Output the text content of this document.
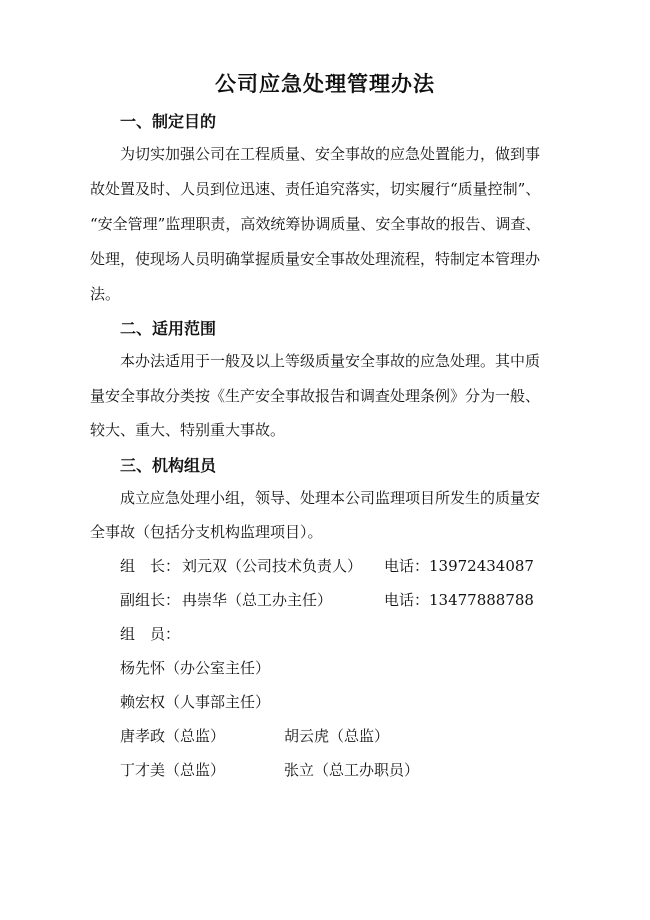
公司应急处理管理办法
一、制定目的
为切实加强公司在工程质量、安全事故的应急处置能力，做到事
故处置及时、人员到位迅速、责任追究落实，切实履行“质量控制”、
“安全管理”监理职责，高效统筹协调质量、安全事故的报告、调查、
处理，使现场人员明确掌握质量安全事故处理流程，特制定本管理办
法。
二、适用范围
本办法适用于一般及以上等级质量安全事故的应急处理。其中质
量安全事故分类按《生产安全事故报告和调查处理条例》分为一般、
较大、重大、特别重大事故。
三、机构组员
成立应急处理小组，领导、处理本公司监理项目所发生的质量安
全事故（包括分支机构监理项目）。
组　长： 刘元双（公司技术负责人） 电话：13972434087
副组长： 冉崇华（总工办主任）	电话：13477888788
组　员：
杨先怀（办公室主任）
赖宏权（人事部主任）
唐孝政（总监）	胡云虎（总监）
丁才美（总监）	张立（总工办职员）
